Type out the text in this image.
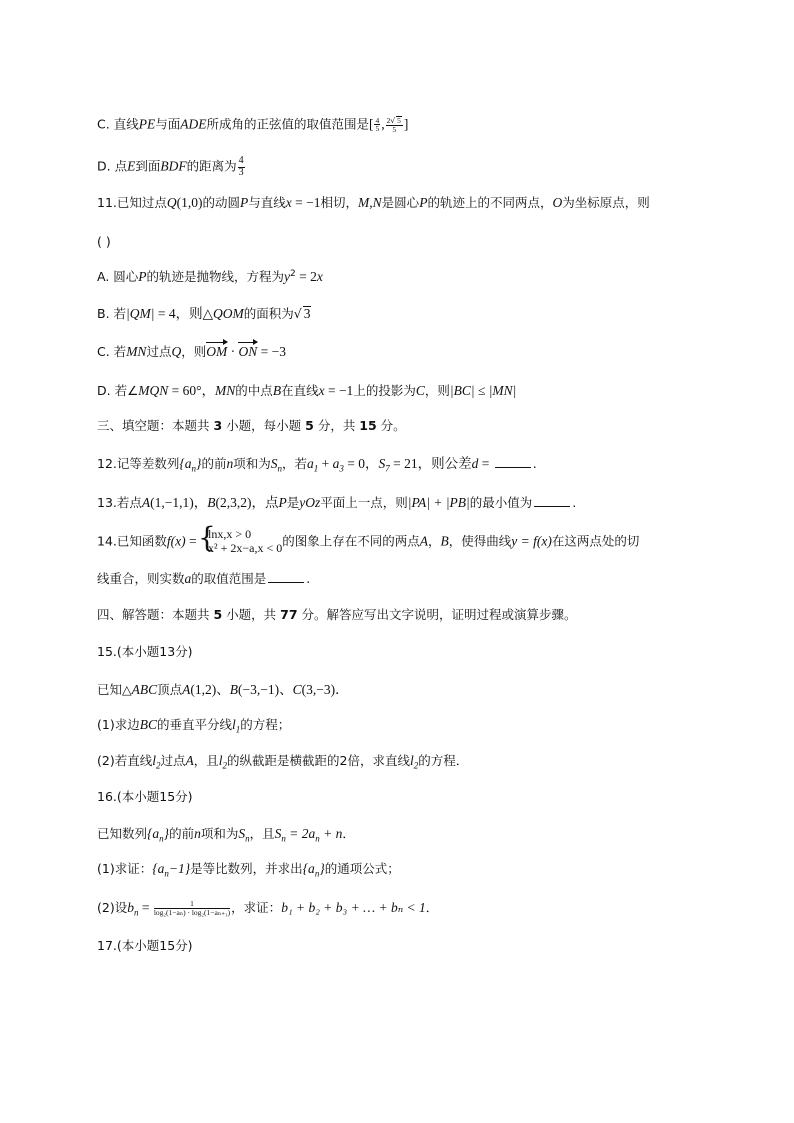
C. 直线PE与面ADE所成角的正弦值的取值范围是[ $\frac{4}{5}$ , $\frac{2√ 5}{5}$ ]
D. 点E到面BDF的距离为 $\frac{4}{3}$
11.已知过点Q(1,0)的动圆P与直线x = −1相切，M,N是圆心P的轨迹上的不同两点，O为坐标原点，则
( )
A. 圆心P的轨迹是抛物线，方程为$y^2 = 2x$
B. 若|QM| = 4，则△QOM的面积为√ 3
C. 若MN过点Q，则OM · ON = −3
D. 若∠MQN = 60°，MN的中点B在直线x = −1上的投影为C，则|BC| ≤ |MN|
三、填空题：本题共 3 小题，每小题 5 分，共 15 分。
12.记等差数列$\{a_n\}$的前n项和为$S_n$，若$a_1 + a_3 = 0$，$S_7 = 21$，则公差d =	.
13.若点A(1,−1,1)，B(2,3,2)，点P是yOz平面上一点，则|PA| + |PB|的最小值为	.
14.已知函数f(x) =
{
lnx,x > 0
x² + 2x−a,x < 0 的图象上存在不同的两点A，B，使得曲线y = f(x)在这两点处的切
线重合，则实数a的取值范围是	.
四、解答题：本题共 5 小题，共 77 分。解答应写出文字说明，证明过程或演算步骤。
15.(本小题13分)
已知△ABC顶点A(1,2)、B(−3,−1)、C(3,−3)．
(1)求边BC的垂直平分线$l_1$的方程；
(2)若直线$l_2$过点A，且$l_2$的纵截距是横截距的2倍，求直线$l_2$的方程．
16.(本小题15分)
已知数列$\{a_n\}$的前n项和为$S_n$，且$S_n = 2a_n + n$．
(1)求证：$\{a_n-1\}$是等比数列，并求出$\{a_n\}$的通项公式；
(2)设$b_n = \frac{1}{\text{log₂(1−aₙ) · log₂(1−aₙ₊₁)}}$ ，求证：b₁ + b₂ + b₃ + … + bₙ < 1．
17.(本小题15分)
